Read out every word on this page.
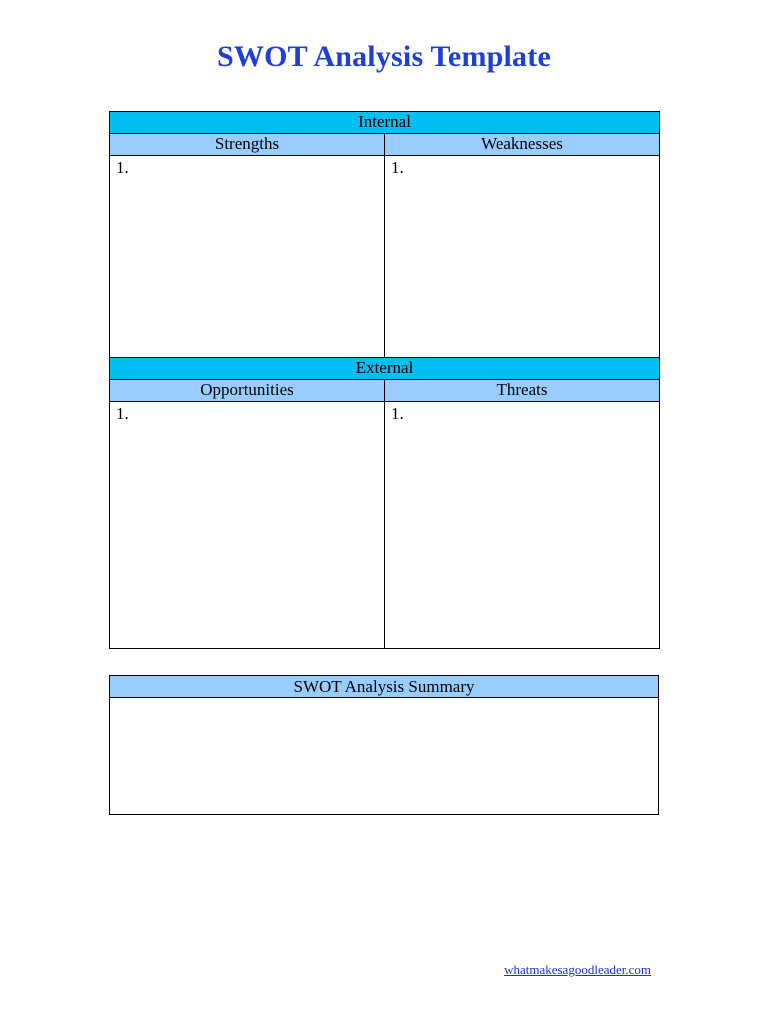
SWOT Analysis Template
Internal	
Strengths	Weaknesses
1.	1.
External	
Opportunities	Threats
1.	1.
SWOT Analysis Summary

whatmakesagoodleader.com
